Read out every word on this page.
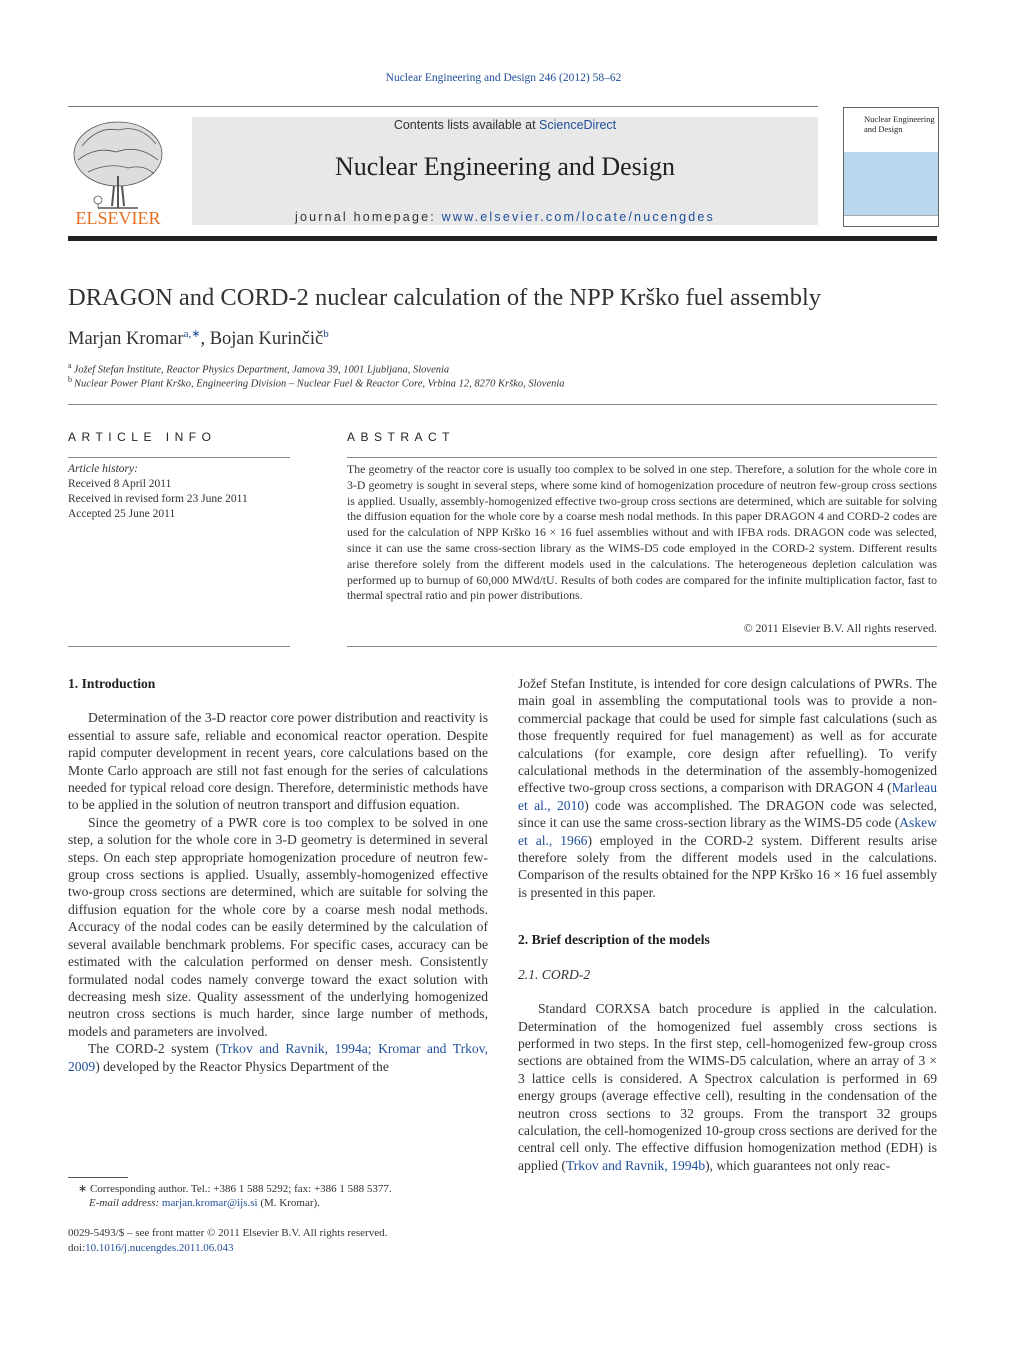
Nuclear Engineering and Design 246 (2012) 58–62
ELSEVIER
Contents lists available at ScienceDirect
Nuclear Engineering and Design
journal homepage: www.elsevier.com/locate/nucengdes
Nuclear Engineering and Design
DRAGON and CORD-2 nuclear calculation of the NPP Krško fuel assembly
Marjan Kromar$^{a,∗}$, Bojan Kurinčič$^b$
$^a$ Jožef Stefan Institute, Reactor Physics Department, Jamova 39, 1001 Ljubljana, Slovenia
$^b$ Nuclear Power Plant Krško, Engineering Division – Nuclear Fuel & Reactor Core, Vrbina 12, 8270 Krško, Slovenia
ARTICLE INFO
Article history:
Received 8 April 2011
Received in revised form 23 June 2011
Accepted 25 June 2011
ABSTRACT
The geometry of the reactor core is usually too complex to be solved in one step. Therefore, a solution for the whole core in 3-D geometry is sought in several steps, where some kind of homogenization procedure of neutron few-group cross sections is applied. Usually, assembly-homogenized effective two-group cross sections are determined, which are suitable for solving the diffusion equation for the whole core by a coarse mesh nodal methods. In this paper DRAGON 4 and CORD-2 codes are used for the calculation of NPP Krško 16 × 16 fuel assemblies without and with IFBA rods. DRAGON code was selected, since it can use the same cross-section library as the WIMS-D5 code employed in the CORD-2 system. Different results arise therefore solely from the different models used in the calculations. The heterogeneous depletion calculation was performed up to burnup of 60,000 MWd/tU. Results of both codes are compared for the infinite multiplication factor, fast to thermal spectral ratio and pin power distributions.
© 2011 Elsevier B.V. All rights reserved.
1. Introduction

Determination of the 3-D reactor core power distribution and reactivity is essential to assure safe, reliable and economical reactor operation. Despite rapid computer development in recent years, core calculations based on the Monte Carlo approach are still not fast enough for the series of calculations needed for typical reload core design. Therefore, deterministic methods have to be applied in the solution of neutron transport and diffusion equation.

Since the geometry of a PWR core is too complex to be solved in one step, a solution for the whole core in 3-D geometry is determined in several steps. On each step appropriate homogenization procedure of neutron few-group cross sections is applied. Usually, assembly-homogenized effective two-group cross sections are determined, which are suitable for solving the diffusion equation for the whole core by a coarse mesh nodal methods. Accuracy of the nodal codes can be easily determined by the calculation of several available benchmark problems. For specific cases, accuracy can be estimated with the calculation performed on denser mesh. Consistently formulated nodal codes namely converge toward the exact solution with decreasing mesh size. Quality assessment of the underlying homogenized neutron cross sections is much harder, since large number of methods, models and parameters are involved.

The CORD-2 system (Trkov and Ravnik, 1994a; Kromar and Trkov, 2009) developed by the Reactor Physics Department of the

Jožef Stefan Institute, is intended for core design calculations of PWRs. The main goal in assembling the computational tools was to provide a non-commercial package that could be used for simple fast calculations (such as those frequently required for fuel management) as well as for accurate calculations (for example, core design after refuelling). To verify calculational methods in the determination of the assembly-homogenized effective two-group cross sections, a comparison with DRAGON 4 (Marleau et al., 2010) code was accomplished. The DRAGON code was selected, since it can use the same cross-section library as the WIMS-D5 code (Askew et al., 1966) employed in the CORD-2 system. Different results arise therefore solely from the different models used in the calculations. Comparison of the results obtained for the NPP Krško 16 × 16 fuel assembly is presented in this paper.

2. Brief description of the models
2.1. CORD-2

Standard CORXSA batch procedure is applied in the calculation. Determination of the homogenized fuel assembly cross sections is performed in two steps. In the first step, cell-homogenized few-group cross sections are obtained from the WIMS-D5 calculation, where an array of 3 × 3 lattice cells is considered. A Spectrox calculation is performed in 69 energy groups (average effective cell), resulting in the condensation of the neutron cross sections to 32 groups. From the transport 32 groups calculation, the cell-homogenized 10-group cross sections are derived for the central cell only. The effective diffusion homogenization method (EDH) is applied (Trkov and Ravnik, 1994b), which guarantees not only reac-

∗ Corresponding author. Tel.: +386 1 588 5292; fax: +386 1 588 5377.
E-mail address: marjan.kromar@ijs.si (M. Kromar).
0029-5493/$ – see front matter © 2011 Elsevier B.V. All rights reserved.
doi:10.1016/j.nucengdes.2011.06.043
